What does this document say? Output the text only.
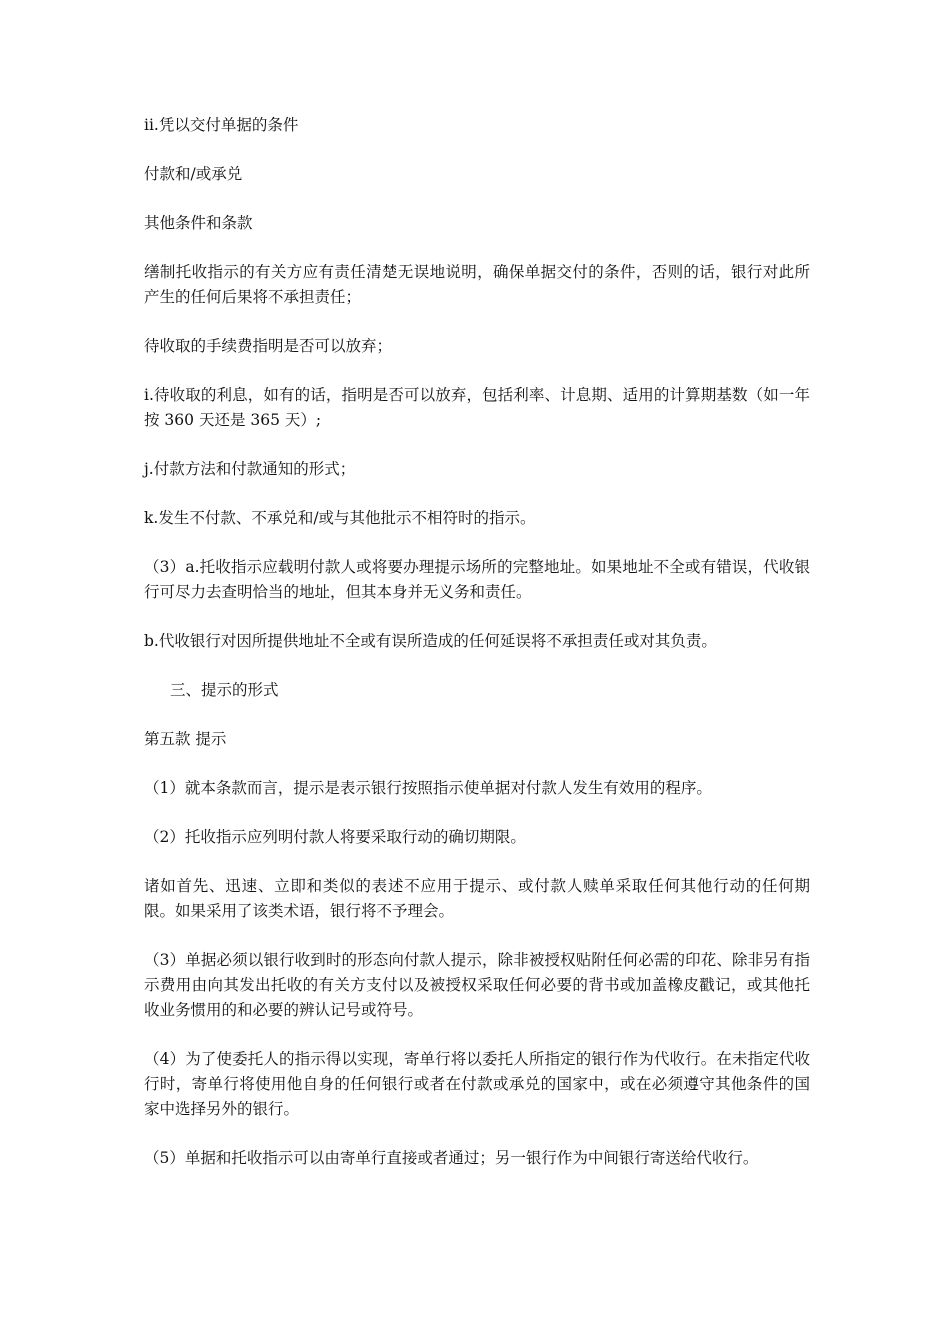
ii.凭以交付单据的条件

付款和/或承兑

其他条件和条款

缮制托收指示的有关方应有责任清楚无误地说明，确保单据交付的条件，否则的话，银行对此所产生的任何后果将不承担责任；

待收取的手续费指明是否可以放弃；

i.待收取的利息，如有的话，指明是否可以放弃，包括利率、计息期、适用的计算期基数（如一年按 360 天还是 365 天）;

j.付款方法和付款通知的形式；

k.发生不付款、不承兑和/或与其他批示不相符时的指示。

（3）a.托收指示应载明付款人或将要办理提示场所的完整地址。如果地址不全或有错误，代收银行可尽力去查明恰当的地址，但其本身并无义务和责任。

b.代收银行对因所提供地址不全或有误所造成的任何延误将不承担责任或对其负责。

三、提示的形式

第五款 提示

（1）就本条款而言，提示是表示银行按照指示使单据对付款人发生有效用的程序。

（2）托收指示应列明付款人将要采取行动的确切期限。

诸如首先、迅速、立即和类似的表述不应用于提示、或付款人赎单采取任何其他行动的任何期限。如果采用了该类术语，银行将不予理会。

（3）单据必须以银行收到时的形态向付款人提示，除非被授权贴附任何必需的印花、除非另有指示费用由向其发出托收的有关方支付以及被授权采取任何必要的背书或加盖橡皮戳记，或其他托收业务惯用的和必要的辨认记号或符号。

（4）为了使委托人的指示得以实现，寄单行将以委托人所指定的银行作为代收行。在未指定代收行时，寄单行将使用他自身的任何银行或者在付款或承兑的国家中，或在必须遵守其他条件的国家中选择另外的银行。

（5）单据和托收指示可以由寄单行直接或者通过；另一银行作为中间银行寄送给代收行。
